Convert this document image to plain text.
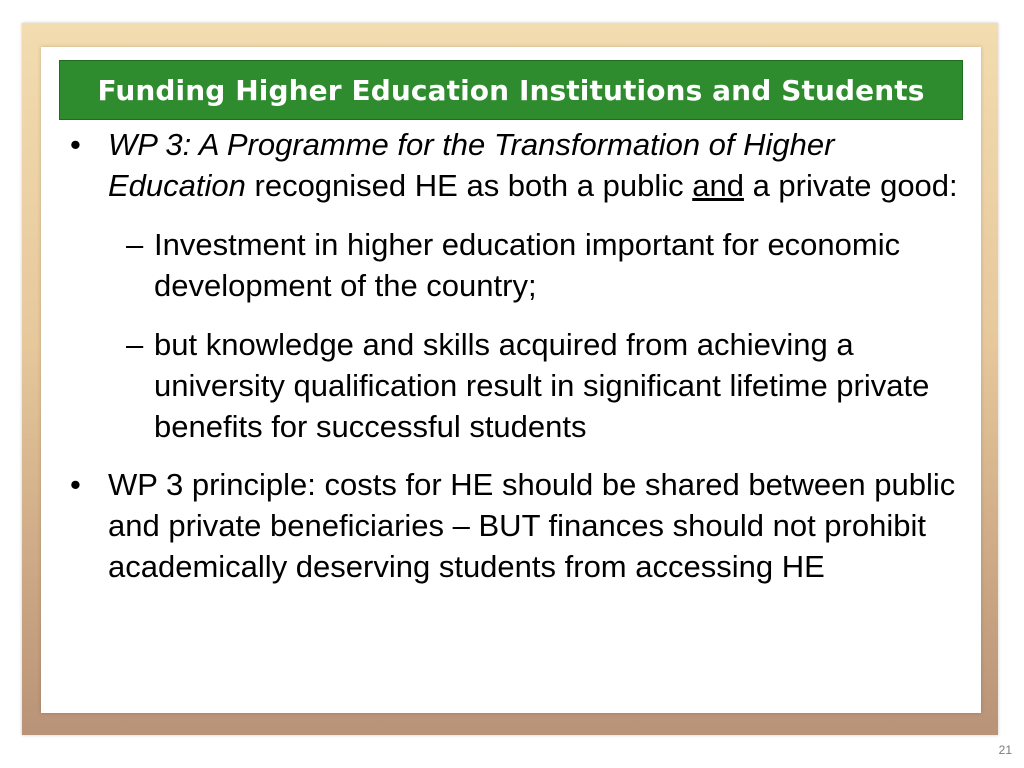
Funding Higher Education Institutions and Students
• WP 3: A Programme for the Transformation of Higher Education recognised HE as both a public and a private good:
– Investment in higher education important for economic development of the country;
– but knowledge and skills acquired from achieving a university qualification result in significant lifetime private benefits for successful students
• WP 3 principle: costs for HE should be shared between public and private beneficiaries – BUT finances should not prohibit academically deserving students from accessing HE
21
